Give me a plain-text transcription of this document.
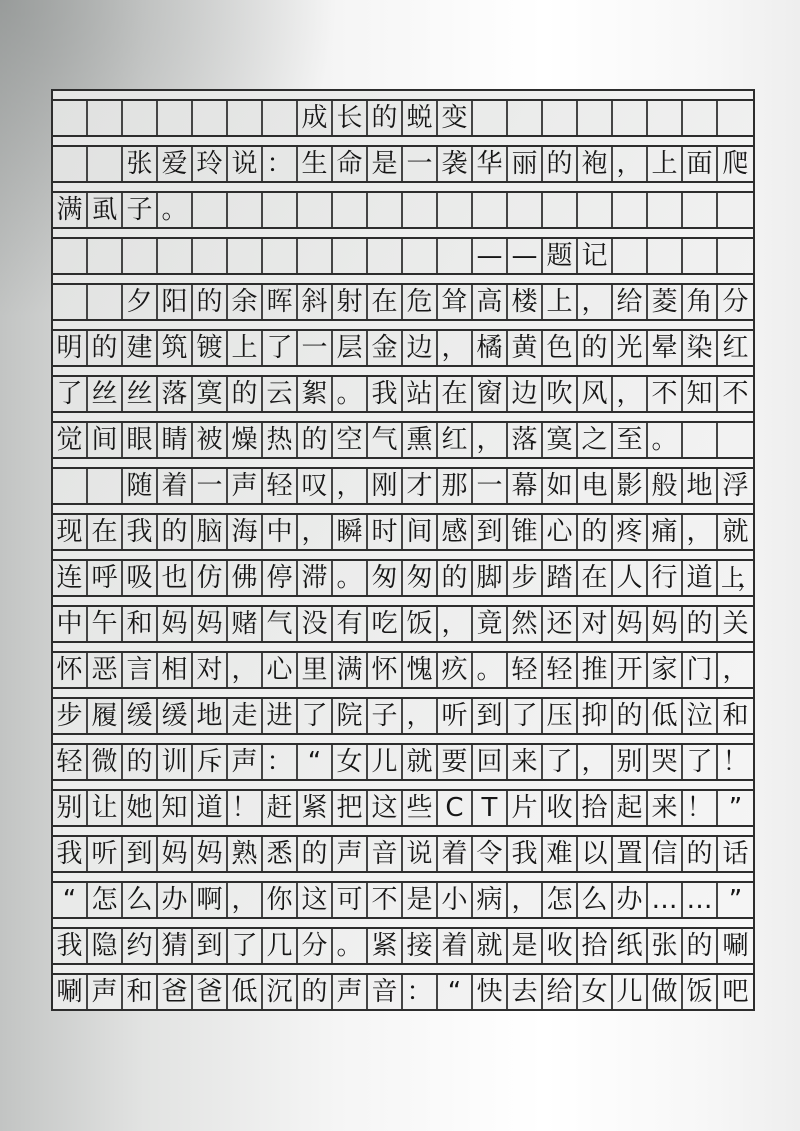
成 长 的 蜕 变
张 爱 玲 说 ： 生 命 是 一 袭 华 丽 的 袍 ， 上 面 爬
满 虱 子 。
— — 题 记
夕 阳 的 余 晖 斜 射 在 危 耸 高 楼 上 ， 给 菱 角 分
明 的 建 筑 镀 上 了 一 层 金 边 ， 橘 黄 色 的 光 晕 染 红
了 丝 丝 落 寞 的 云 絮 。 我 站 在 窗 边 吹 风 ， 不 知 不
觉 间 眼 睛 被 燥 热 的 空 气 熏 红 ， 落 寞 之 至 。
随 着 一 声 轻 叹 ， 刚 才 那 一 幕 如 电 影 般 地 浮
现 在 我 的 脑 海 中 ， 瞬 时 间 感 到 锥 心 的 疼 痛 ， 就
连 呼 吸 也 仿 佛 停 滞 。 匆 匆 的 脚 步 踏 在 人 行 道 上，
中 午 和 妈 妈 赌 气 没 有 吃 饭 ， 竟 然 还 对 妈 妈 的 关
怀 恶 言 相 对 ， 心 里 满 怀 愧 疚 。 轻 轻 推 开 家 门 ，
步 履 缓 缓 地 走 进 了 院 子 ， 听 到 了 压 抑 的 低 泣 和
轻 微 的 训 斥 声 ： “ 女 儿 就 要 回 来 了 ， 别 哭 了 ！
别 让 她 知 道 ！ 赶 紧 把 这 些 C T 片 收 拾 起 来 ！ ”
我 听 到 妈 妈 熟 悉 的 声 音 说 着 令 我 难 以 置 信 的 话
“ 怎 么 办 啊 ， 你 这 可 不 是 小 病 ， 怎 么 办 … … ”
我 隐 约 猜 到 了 几 分 。 紧 接 着 就 是 收 拾 纸 张 的 唰
唰 声 和 爸 爸 低 沉 的 声 音 ： “ 快 去 给 女 儿 做 饭 吧
